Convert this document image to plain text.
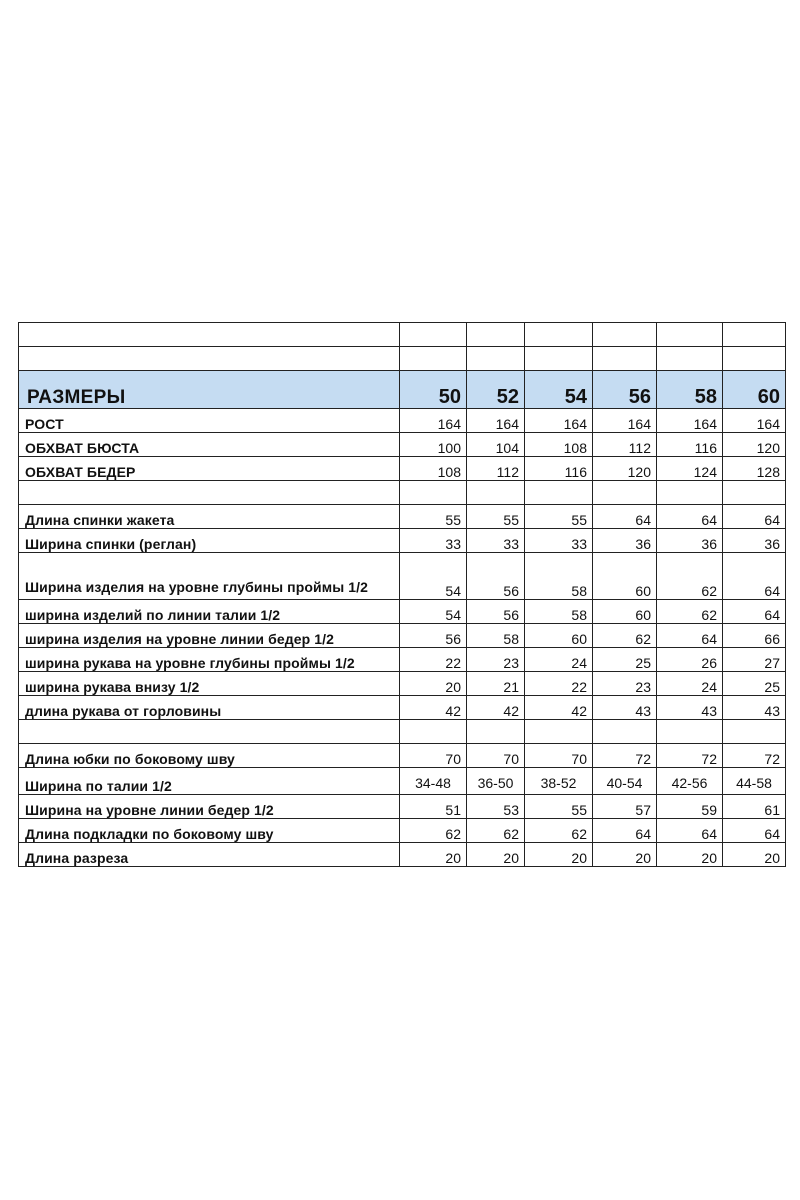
РАЗМЕРЫ	50	52	54	56	58	60
РОСТ	164	164	164	164	164	164
ОБХВАТ БЮСТА	100	104	108	112	116	120
ОБХВАТ БЕДЕР	108	112	116	120	124	128

Длина спинки жакета	55	55	55	64	64	64
Ширина спинки (реглан)	33	33	33	36	36	36
Ширина изделия на уровне глубины проймы 1/2	54	56	58	60	62	64
ширина изделий по линии талии 1/2	54	56	58	60	62	64
ширина изделия на уровне линии бедер 1/2	56	58	60	62	64	66
ширина рукава на уровне глубины проймы 1/2	22	23	24	25	26	27
ширина рукава внизу 1/2	20	21	22	23	24	25
длина рукава от горловины	42	42	42	43	43	43

Длина юбки по боковому шву	70	70	70	72	72	72
Ширина по талии 1/2	34-48	36-50	38-52	40-54	42-56	44-58
Ширина на уровне линии бедер 1/2	51	53	55	57	59	61
Длина подкладки по боковому шву	62	62	62	64	64	64
Длина разреза	20	20	20	20	20	20
